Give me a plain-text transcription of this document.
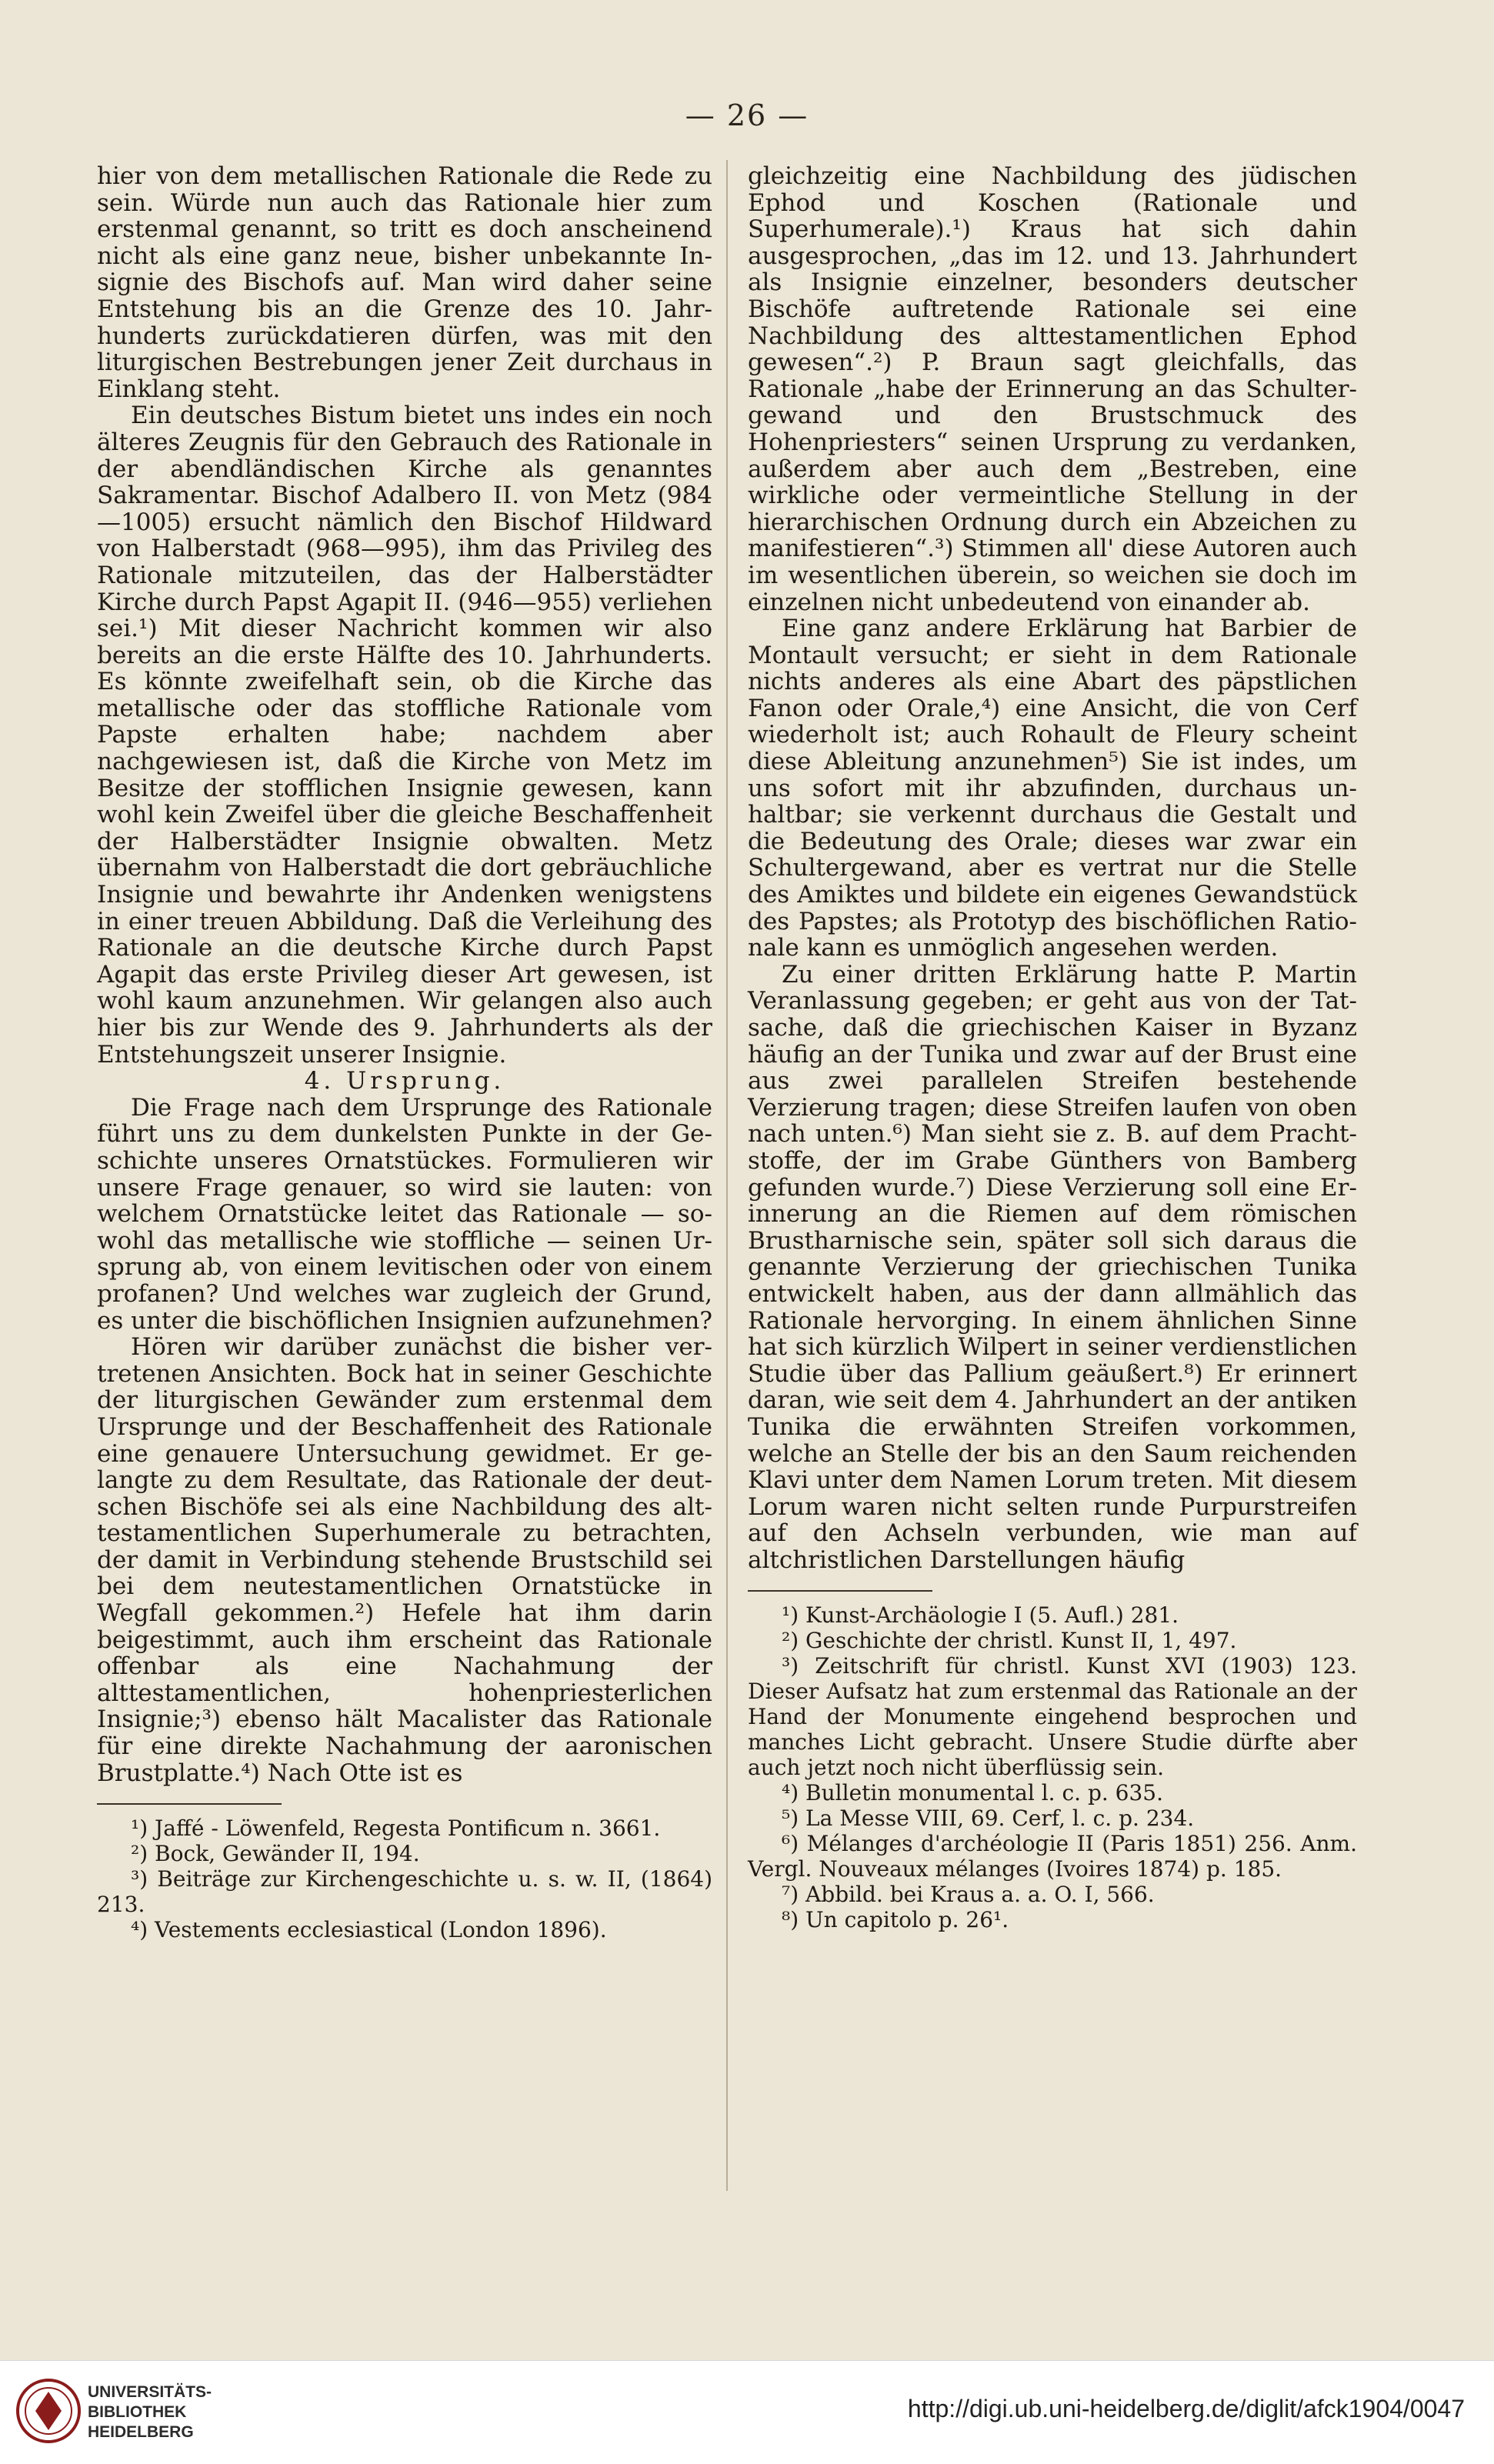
— 26 —

hier von dem metallischen Rationale die Rede zu sein. Würde nun auch das Rationale hier zum erstenmal genannt, so tritt es doch anscheinend nicht als eine ganz neue, bisher unbekannte Insignie des Bischofs auf. Man wird daher seine Entstehung bis an die Grenze des 10. Jahrhunderts zurückdatieren dürfen, was mit den liturgischen Bestrebungen jener Zeit durchaus in Einklang steht.

Ein deutsches Bistum bietet uns indes ein noch älteres Zeugnis für den Gebrauch des Rationale in der abendländischen Kirche als genanntes Sakramentar. Bischof Adalbero II. von Metz (984—1005) ersucht nämlich den Bischof Hildward von Halberstadt (968—995), ihm das Privileg des Rationale mitzuteilen, das der Halberstädter Kirche durch Papst Agapit II. (946—955) verliehen sei.¹) Mit dieser Nachricht kommen wir also bereits an die erste Hälfte des 10. Jahrhunderts. Es könnte zweifelhaft sein, ob die Kirche das metallische oder das stoffliche Rationale vom Papste erhalten habe; nachdem aber nachgewiesen ist, daß die Kirche von Metz im Besitze der stofflichen Insignie gewesen, kann wohl kein Zweifel über die gleiche Beschaffenheit der Halberstädter Insignie obwalten. Metz übernahm von Halberstadt die dort gebräuchliche Insignie und bewahrte ihr Andenken wenigstens in einer treuen Abbildung. Daß die Verleihung des Rationale an die deutsche Kirche durch Papst Agapit das erste Privileg dieser Art gewesen, ist wohl kaum anzunehmen. Wir gelangen also auch hier bis zur Wende des 9. Jahrhunderts als der Entstehungszeit unserer Insignie.

4. Ursprung.

Die Frage nach dem Ursprunge des Rationale führt uns zu dem dunkelsten Punkte in der Geschichte unseres Ornatstückes. Formulieren wir unsere Frage genauer, so wird sie lauten: von welchem Ornatstücke leitet das Rationale — sowohl das metallische wie stoffliche — seinen Ursprung ab, von einem levitischen oder von einem profanen? Und welches war zugleich der Grund, es unter die bischöflichen Insignien aufzunehmen?

Hören wir darüber zunächst die bisher vertretenen Ansichten. Bock hat in seiner Geschichte der liturgischen Gewänder zum erstenmal dem Ursprunge und der Beschaffenheit des Rationale eine genauere Untersuchung gewidmet. Er gelangte zu dem Resultate, das Rationale der deutschen Bischöfe sei als eine Nachbildung des alttestamentlichen Superhumerale zu betrachten, der damit in Verbindung stehende Brustschild sei bei dem neutestamentlichen Ornatstücke in Wegfall gekommen.²) Hefele hat ihm darin beigestimmt, auch ihm erscheint das Rationale offenbar als eine Nachahmung der alttestamentlichen, hohenpriesterlichen Insignie;³) ebenso hält Macalister das Rationale für eine direkte Nachahmung der aaronischen Brustplatte.⁴) Nach Otte ist es

¹) Jaffé - Löwenfeld, Regesta Pontificum n. 3661.
²) Bock, Gewänder II, 194.
³) Beiträge zur Kirchengeschichte u. s. w. II, (1864) 213.
⁴) Vestements ecclesiastical (London 1896).

gleichzeitig eine Nachbildung des jüdischen Ephod und Koschen (Rationale und Superhumerale).¹) Kraus hat sich dahin ausgesprochen, „das im 12. und 13. Jahrhundert als Insignie einzelner, besonders deutscher Bischöfe auftretende Rationale sei eine Nachbildung des alttestamentlichen Ephod gewesen“.²) P. Braun sagt gleichfalls, das Rationale „habe der Erinnerung an das Schultergewand und den Brustschmuck des Hohenpriesters“ seinen Ursprung zu verdanken, außerdem aber auch dem „Bestreben, eine wirkliche oder vermeintliche Stellung in der hierarchischen Ordnung durch ein Abzeichen zu manifestieren“.³) Stimmen all' diese Autoren auch im wesentlichen überein, so weichen sie doch im einzelnen nicht unbedeutend von einander ab.

Eine ganz andere Erklärung hat Barbier de Montault versucht; er sieht in dem Rationale nichts anderes als eine Abart des päpstlichen Fanon oder Orale,⁴) eine Ansicht, die von Cerf wiederholt ist; auch Rohault de Fleury scheint diese Ableitung anzunehmen⁵) Sie ist indes, um uns sofort mit ihr abzufinden, durchaus unhaltbar; sie verkennt durchaus die Gestalt und die Bedeutung des Orale; dieses war zwar ein Schultergewand, aber es vertrat nur die Stelle des Amiktes und bildete ein eigenes Gewandstück des Papstes; als Prototyp des bischöflichen Rationale kann es unmöglich angesehen werden.

Zu einer dritten Erklärung hatte P. Martin Veranlassung gegeben; er geht aus von der Tatsache, daß die griechischen Kaiser in Byzanz häufig an der Tunika und zwar auf der Brust eine aus zwei parallelen Streifen bestehende Verzierung tragen; diese Streifen laufen von oben nach unten.⁶) Man sieht sie z. B. auf dem Prachtstoffe, der im Grabe Günthers von Bamberg gefunden wurde.⁷) Diese Verzierung soll eine Erinnerung an die Riemen auf dem römischen Brustharnische sein, später soll sich daraus die genannte Verzierung der griechischen Tunika entwickelt haben, aus der dann allmählich das Rationale hervorging. In einem ähnlichen Sinne hat sich kürzlich Wilpert in seiner verdienstlichen Studie über das Pallium geäußert.⁸) Er erinnert daran, wie seit dem 4. Jahrhundert an der antiken Tunika die erwähnten Streifen vorkommen, welche an Stelle der bis an den Saum reichenden Klavi unter dem Namen Lorum treten. Mit diesem Lorum waren nicht selten runde Purpurstreifen auf den Achseln verbunden, wie man auf altchristlichen Darstellungen häufig

¹) Kunst-Archäologie I (5. Aufl.) 281.
²) Geschichte der christl. Kunst II, 1, 497.
³) Zeitschrift für christl. Kunst XVI (1903) 123. Dieser Aufsatz hat zum erstenmal das Rationale an der Hand der Monumente eingehend besprochen und manches Licht gebracht. Unsere Studie dürfte aber auch jetzt noch nicht überflüssig sein.
⁴) Bulletin monumental l. c. p. 635.
⁵) La Messe VIII, 69. Cerf, l. c. p. 234.
⁶) Mélanges d'archéologie II (Paris 1851) 256. Anm. Vergl. Nouveaux mélanges (Ivoires 1874) p. 185.
⁷) Abbild. bei Kraus a. a. O. I, 566.
⁸) Un capitolo p. 26¹.
UNIVERSITÄTS-
BIBLIOTHEK
HEIDELBERG
http://digi.ub.uni-heidelberg.de/diglit/afck1904/0047
